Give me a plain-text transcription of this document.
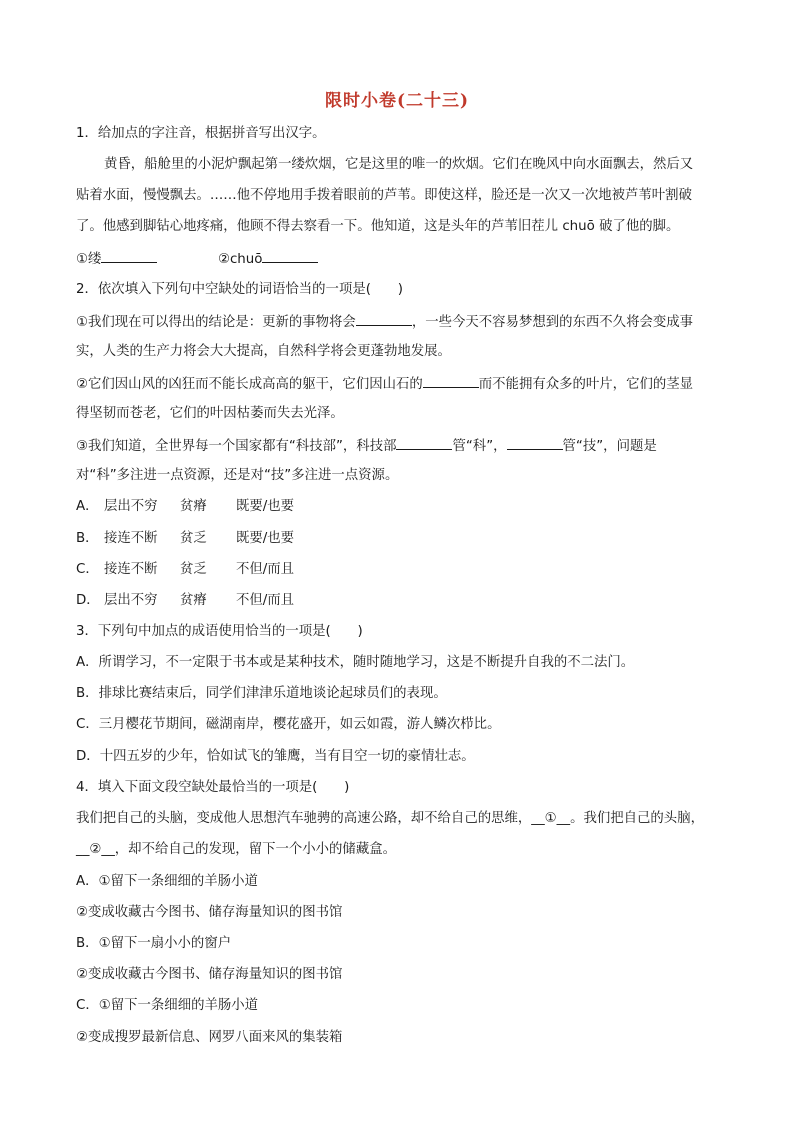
限时小卷(二十三)
1．给加点的字注音，根据拼音写出汉字。
黄昏，船舱里的小泥炉飘起第一缕炊烟，它是这里的唯一的炊烟。它们在晚风中向水面飘去，然后又
贴着水面，慢慢飘去。……他不停地用手拨着眼前的芦苇。即使这样，脸还是一次又一次地被芦苇叶割破
了。他感到脚钻心地疼痛，他顾不得去察看一下。他知道，这是头年的芦苇旧茬儿 chuō 破了他的脚。
①缕	②chuō
2．依次填入下列句中空缺处的词语恰当的一项是(　　)
①我们现在可以得出的结论是：更新的事物将会	，一些今天不容易梦想到的东西不久将会变成事
实，人类的生产力将会大大提高，自然科学将会更蓬勃地发展。
②它们因山风的凶狂而不能长成高高的躯干，它们因山石的	而不能拥有众多的叶片，它们的茎显
得坚韧而苍老，它们的叶因枯萎而失去光泽。
③我们知道，全世界每一个国家都有“科技部”，科技部	管“科”，	管“技”，问题是
对“科”多注进一点资源，还是对“技”多注进一点资源。
A． 层出不穷 贫瘠 既要/也要
B． 接连不断 贫乏 既要/也要
C． 接连不断 贫乏 不但/而且
D． 层出不穷 贫瘠 不但/而且
3．下列句中加点的成语使用恰当的一项是(　　)
A．所谓学习，不一定限于书本或是某种技术，随时随地学习，这是不断提升自我的不二法门。
B．排球比赛结束后，同学们津津乐道地谈论起球员们的表现。
C．三月樱花节期间，磁湖南岸，樱花盛开，如云如霞，游人鳞次栉比。
D．十四五岁的少年，恰如试飞的雏鹰，当有目空一切的豪情壮志。
4．填入下面文段空缺处最恰当的一项是(　　)
我们把自己的头脑，变成他人思想汽车驰骋的高速公路，却不给自己的思维，__①__。我们把自己的头脑，
__②__，却不给自己的发现，留下一个小小的储藏盒。
A．①留下一条细细的羊肠小道
②变成收藏古今图书、储存海量知识的图书馆
B．①留下一扇小小的窗户
②变成收藏古今图书、储存海量知识的图书馆
C．①留下一条细细的羊肠小道
②变成搜罗最新信息、网罗八面来风的集装箱
